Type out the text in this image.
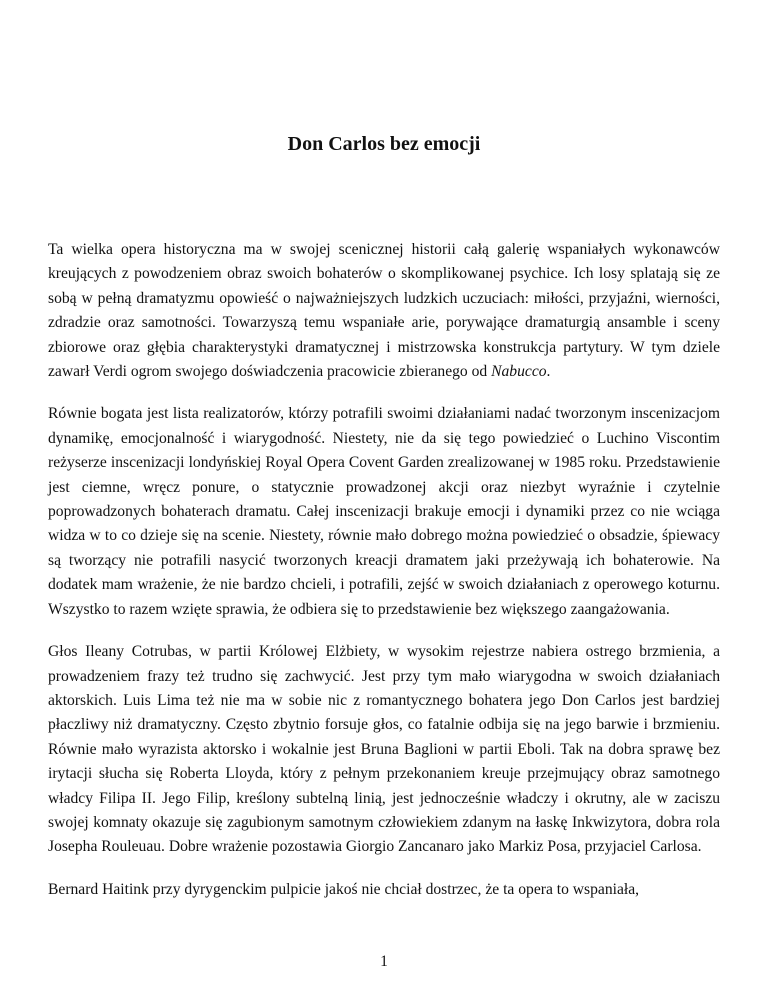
Don Carlos bez emocji

Ta wielka opera historyczna ma w swojej scenicznej historii całą galerię wspaniałych wykonawców kreujących z powodzeniem obraz swoich bohaterów o skomplikowanej psychice. Ich losy splatają się ze sobą w pełną dramatyzmu opowieść o najważniejszych ludzkich uczuciach: miłości, przyjaźni, wierności, zdradzie oraz samotności. Towarzyszą temu wspaniałe arie, porywające dramaturgią ansamble i sceny zbiorowe oraz głębia charakterystyki dramatycznej i mistrzowska konstrukcja partytury. W tym dziele zawarł Verdi ogrom swojego doświadczenia pracowicie zbieranego od Nabucco.

Równie bogata jest lista realizatorów, którzy potrafili swoimi działaniami nadać tworzonym inscenizacjom dynamikę, emocjonalność i wiarygodność. Niestety, nie da się tego powiedzieć o Luchino Viscontim reżyserze inscenizacji londyńskiej Royal Opera Covent Garden zrealizowanej w 1985 roku. Przedstawienie jest ciemne, wręcz ponure, o statycznie prowadzonej akcji oraz niezbyt wyraźnie i czytelnie poprowadzonych bohaterach dramatu. Całej inscenizacji brakuje emocji i dynamiki przez co nie wciąga widza w to co dzieje się na scenie. Niestety, równie mało dobrego można powiedzieć o obsadzie, śpiewacy są tworzący nie potrafili nasycić tworzonych kreacji dramatem jaki przeżywają ich bohaterowie. Na dodatek mam wrażenie, że nie bardzo chcieli, i potrafili, zejść w swoich działaniach z operowego koturnu. Wszystko to razem wzięte sprawia, że odbiera się to przedstawienie bez większego zaangażowania.

Głos Ileany Cotrubas, w partii Królowej Elżbiety, w wysokim rejestrze nabiera ostrego brzmienia, a prowadzeniem frazy też trudno się zachwycić. Jest przy tym mało wiarygodna w swoich działaniach aktorskich. Luis Lima też nie ma w sobie nic z romantycznego bohatera jego Don Carlos jest bardziej płaczliwy niż dramatyczny. Często zbytnio forsuje głos, co fatalnie odbija się na jego barwie i brzmieniu. Równie mało wyrazista aktorsko i wokalnie jest Bruna Baglioni w partii Eboli. Tak na dobra sprawę bez irytacji słucha się Roberta Lloyda, który z pełnym przekonaniem kreuje przejmujący obraz samotnego władcy Filipa II. Jego Filip, kreślony subtelną linią, jest jednocześnie władczy i okrutny, ale w zaciszu swojej komnaty okazuje się zagubionym samotnym człowiekiem zdanym na łaskę Inkwizytora, dobra rola Josepha Rouleuau. Dobre wrażenie pozostawia Giorgio Zancanaro jako Markiz Posa, przyjaciel Carlosa.

Bernard Haitink przy dyrygenckim pulpicie jakoś nie chciał dostrzec, że ta opera to wspaniała,

1
